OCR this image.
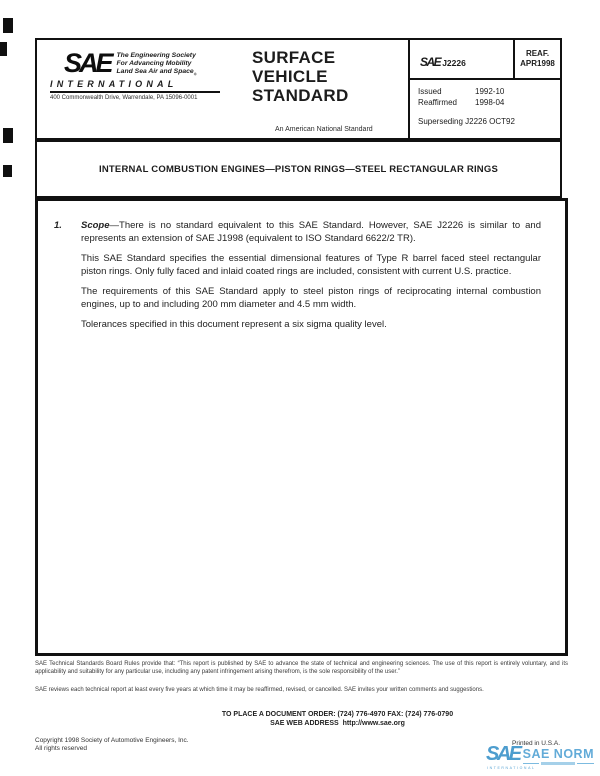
SAE The Engineering Society
For Advancing Mobility
Land Sea Air and Space$_®$
INTERNATIONAL
400 Commonwealth Drive, Warrendale, PA 15096-0001
SURFACE
VEHICLE
STANDARD
An American National Standard
SAE J2226
REAF.
APR1998
Issued	1992-10
Reaffirmed	1998-04
Superseding J2226 OCT92
INTERNAL COMBUSTION ENGINES—PISTON RINGS—STEEL RECTANGULAR RINGS
1. Scope—There is no standard equivalent to this SAE Standard. However, SAE J2226 is similar to and represents an extension of SAE J1998 (equivalent to ISO Standard 6622/2 TR).
This SAE Standard specifies the essential dimensional features of Type R barrel faced steel rectangular piston rings. Only fully faced and inlaid coated rings are included, consistent with current U.S. practice.
The requirements of this SAE Standard apply to steel piston rings of reciprocating internal combustion engines, up to and including 200 mm diameter and 4.5 mm width.
Tolerances specified in this document represent a six sigma quality level.
SAE Technical Standards Board Rules provide that: “This report is published by SAE to advance the state of technical and engineering sciences. The use of this report is entirely voluntary, and its applicability and suitability for any particular use, including any patent infringement arising therefrom, is the sole responsibility of the user.”
SAE reviews each technical report at least every five years at which time it may be reaffirmed, revised, or cancelled. SAE invites your written comments and suggestions.
TO PLACE A DOCUMENT ORDER: (724) 776-4970 FAX: (724) 776-0790
SAE WEB ADDRESS http://www.sae.org
Copyright 1998 Society of Automotive Engineers, Inc.
All rights reserved
Printed in U.S.A.
SAE SAE NORM
INTERNATIONAL
